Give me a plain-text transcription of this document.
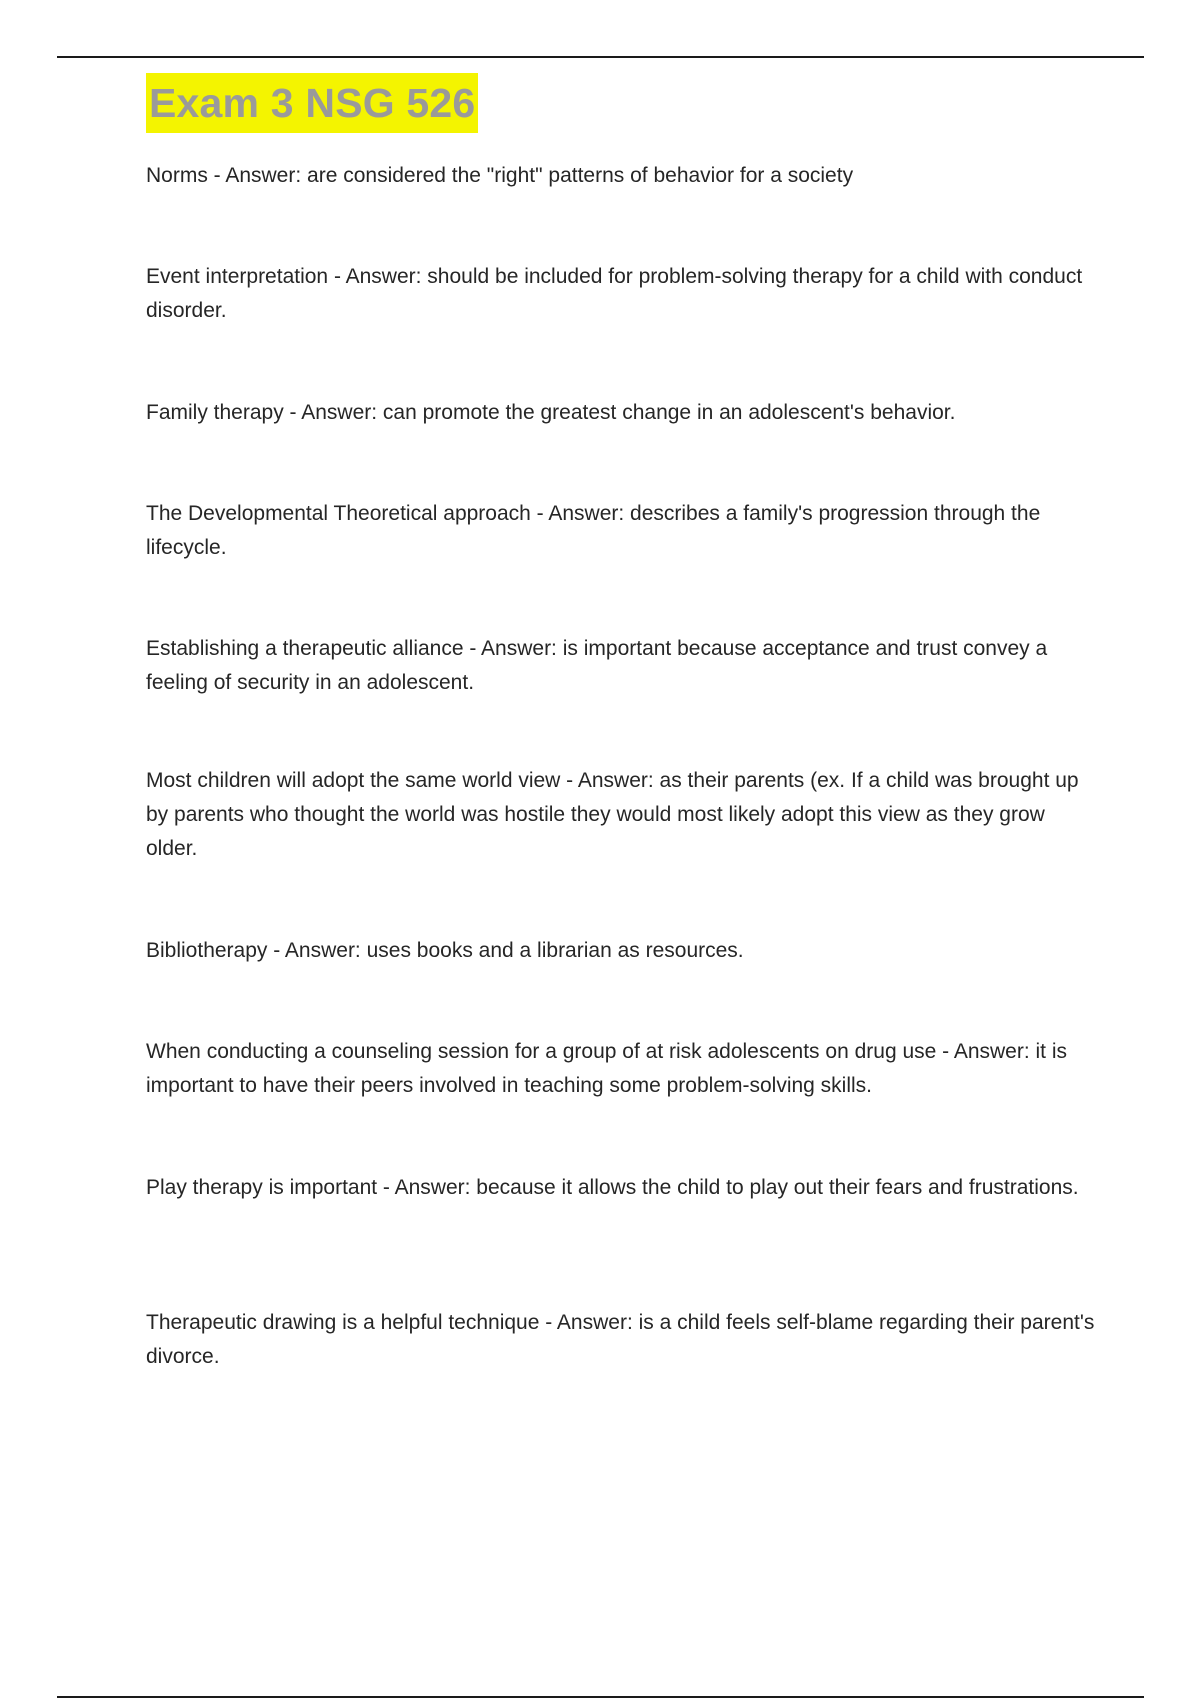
Exam 3 NSG 526

Norms - Answer: are considered the "right" patterns of behavior for a society

Event interpretation - Answer: should be included for problem-solving therapy for a child with conduct disorder.

Family therapy - Answer: can promote the greatest change in an adolescent's behavior.

The Developmental Theoretical approach - Answer: describes a family's progression through the lifecycle.

Establishing a therapeutic alliance - Answer: is important because acceptance and trust convey a feeling of security in an adolescent.

Most children will adopt the same world view - Answer: as their parents (ex. If a child was brought up by parents who thought the world was hostile they would most likely adopt this view as they grow older.

Bibliotherapy - Answer: uses books and a librarian as resources.

When conducting a counseling session for a group of at risk adolescents on drug use - Answer: it is important to have their peers involved in teaching some problem-solving skills.

Play therapy is important - Answer: because it allows the child to play out their fears and frustrations.

Therapeutic drawing is a helpful technique - Answer: is a child feels self-blame regarding their parent's divorce.
